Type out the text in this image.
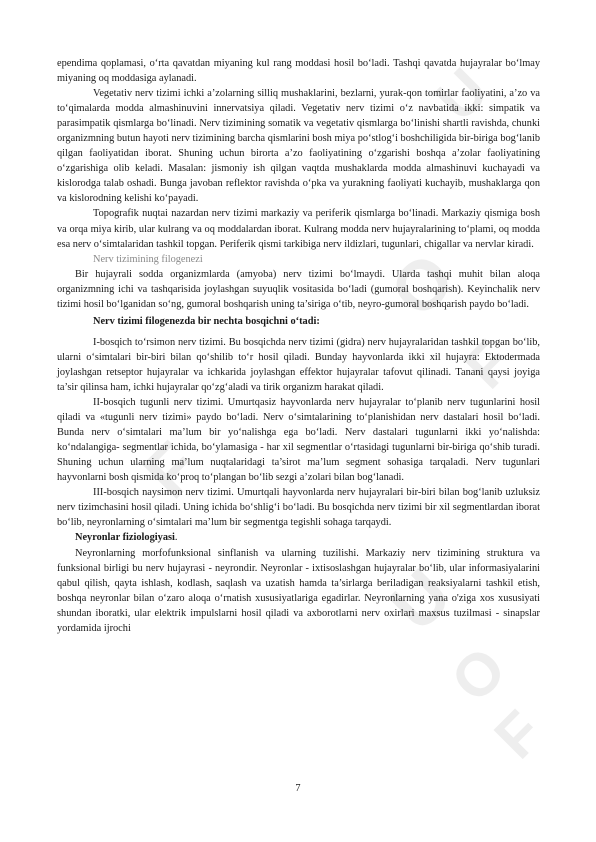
U
O
F
F
U
O
F

ependima qoplamasi, o‘rta qavatdan miyaning kul rang moddasi hosil bo‘ladi. Tashqi qavatda hujayralar bo‘lmay miyaning oq moddasiga aylanadi.

Vegetativ nerv tizimi ichki a’zolarning silliq mushaklarini, bezlarni, yurak-qon tomirlar faoliyatini, a’zo va to‘qimalarda modda almashinuvini innervatsiya qiladi. Vegetativ nerv tizimi o‘z navbatida ikki: simpatik va parasimpatik qismlarga bo‘linadi. Nerv tizimining somatik va vegetativ qismlarga bo‘linishi shartli ravishda, chunki organizmning butun hayoti nerv tizimining barcha qismlarini bosh miya po‘stlog‘i boshchiligida bir-biriga bog‘lanib qilgan faoliyatidan iborat. Shuning uchun birorta a’zo faoliyatining o‘zgarishi boshqa a’zolar faoliyatining o‘zgarishiga olib keladi. Masalan: jismoniy ish qilgan vaqtda mushaklarda modda almashinuvi kuchayadi va kislorodga talab oshadi. Bunga javoban reflektor ravishda o‘pka va yurakning faoliyati kuchayib, mushaklarga qon va kislorodning kelishi ko‘payadi.

Topografik nuqtai nazardan nerv tizimi markaziy va periferik qismlarga bo‘linadi. Markaziy qismiga bosh va orqa miya kirib, ular kulrang va oq moddalardan iborat. Kulrang modda nerv hujayralarining to‘plami, oq modda esa nerv o‘simtalaridan tashkil topgan. Periferik qismi tarkibiga nerv ildizlari, tugunlari, chigallar va nervlar kiradi.

Nerv tizimining filogenezi

Bir hujayrali sodda organizmlarda (amyoba) nerv tizimi bo‘lmaydi. Ularda tashqi muhit bilan aloqa organizmning ichi va tashqarisida joylashgan suyuqlik vositasida bo‘ladi (gumoral boshqarish). Keyinchalik nerv tizimi hosil bo‘lganidan so‘ng, gumoral boshqarish uning ta’siriga o‘tib, neyro-gumoral boshqarish paydo bo‘ladi.

Nerv tizimi filogenezda bir nechta bosqichni o‘tadi:

I-bosqich to‘rsimon nerv tizimi. Bu bosqichda nerv tizimi (gidra) nerv hujayralaridan tashkil topgan bo‘lib, ularni o‘simtalari bir-biri bilan qo‘shilib to‘r hosil qiladi. Bunday hayvonlarda ikki xil hujayra: Ektodermada joylashgan retseptor hujayralar va ichkarida joylashgan effektor hujayralar tafovut qilinadi. Tanani qaysi joyiga ta’sir qilinsa ham, ichki hujayralar qo‘zg‘aladi va tirik organizm harakat qiladi.

II-bosqich tugunli nerv tizimi. Umurtqasiz hayvonlarda nerv hujayralar to‘planib nerv tugunlarini hosil qiladi va «tugunli nerv tizimi» paydo bo‘ladi. Nerv o‘simtalarining to‘planishidan nerv dastalari hosil bo‘ladi. Bunda nerv o‘simtalari ma’lum bir yo‘nalishga ega bo‘ladi. Nerv dastalari tugunlarni ikki yo‘nalishda: ko‘ndalangiga- segmentlar ichida, bo‘ylamasiga - har xil segmentlar o‘rtasidagi tugunlarni bir-biriga qo‘shib turadi. Shuning uchun ularning ma’lum nuqtalaridagi ta’sirot ma’lum segment sohasiga tarqaladi. Nerv tugunlari hayvonlarni bosh qismida ko‘proq to‘plangan bo‘lib sezgi a’zolari bilan bog‘lanadi.

III-bosqich naysimon nerv tizimi. Umurtqali hayvonlarda nerv hujayralari bir-biri bilan bog‘lanib uzluksiz nerv tizimchasini hosil qiladi. Uning ichida bo‘shlig‘i bo‘ladi. Bu bosqichda nerv tizimi bir xil segmentlardan iborat bo‘lib, neyronlarning o‘simtalari ma’lum bir segmentga tegishli sohaga tarqaydi.

Neyronlar fiziologiyasi.

Neyronlarning morfofunksional sinflanish va ularning tuzilishi. Markaziy nerv tizimining struktura va funksional birligi bu nerv hujayrasi - neyrondir. Neyronlar - ixtisoslashgan hujayralar bo‘lib, ular informasiyalarini qabul qilish, qayta ishlash, kodlash, saqlash va uzatish hamda ta’sirlarga beriladigan reaksiyalarni tashkil etish, boshqa neyronlar bilan o‘zaro aloqa o‘rnatish xususiyatlariga egadirlar. Neyronlarning yana o'ziga xos xususiyati shundan iboratki, ular elektrik impulslarni hosil qiladi va axborotlarni nerv oxirlari maxsus tuzilmasi - sinapslar yordamida ijrochi

7
